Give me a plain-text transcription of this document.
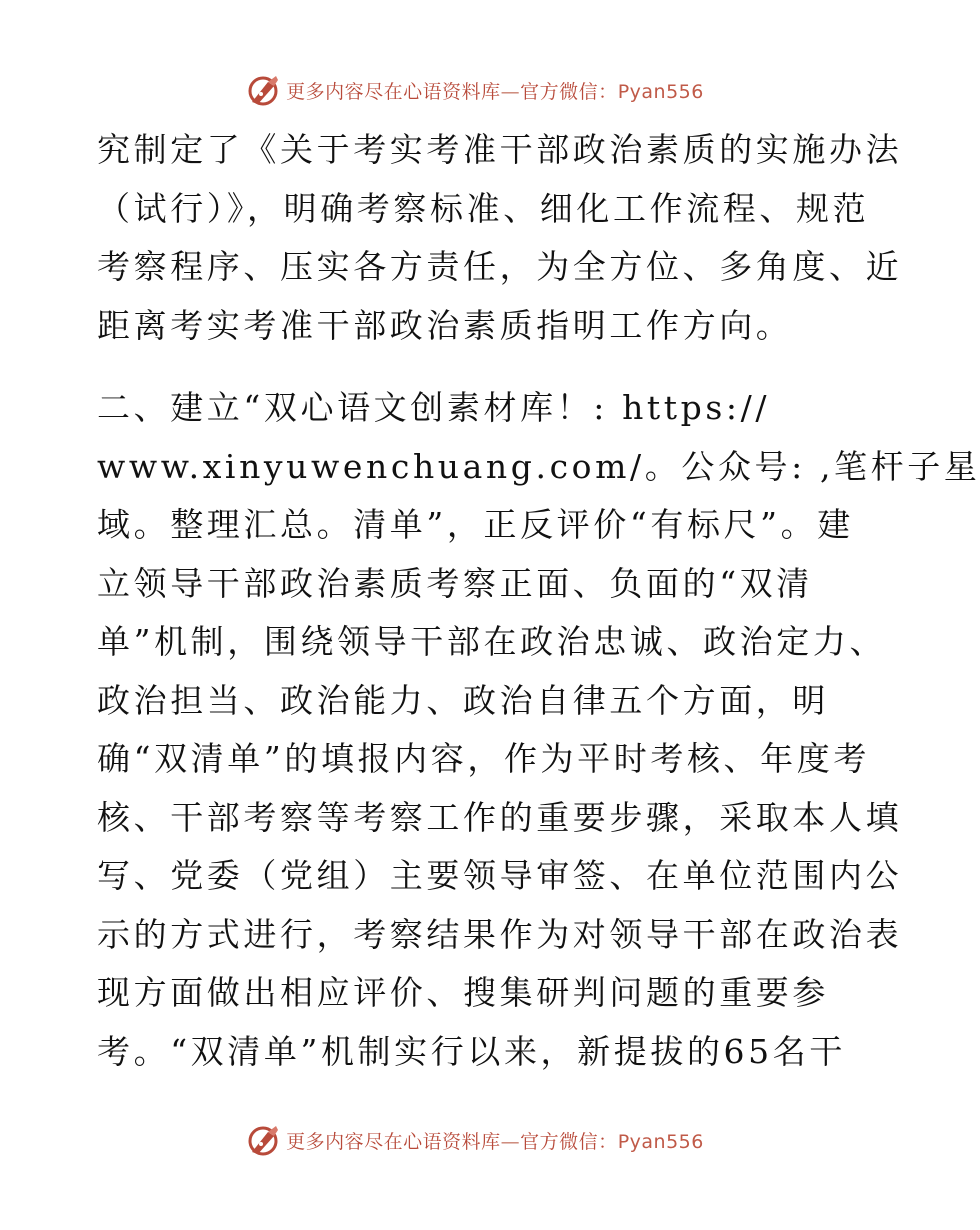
更多内容尽在心语资料库—官方微信：Pyan556
究制定了《关于考实考准干部政治素质的实施办法
（试行）》，明确考察标准、细化工作流程、规范
考察程序、压实各方责任，为全方位、多角度、近
距离考实考准干部政治素质指明工作方向。
二、建立“双心语文创素材库！: https://
www.xinyuwenchuang.com/。公众号: ,笔杆子星
域。整理汇总。清单”，正反评价“有标尺”。建
立领导干部政治素质考察正面、负面的“双清
单”机制，围绕领导干部在政治忠诚、政治定力、
政治担当、政治能力、政治自律五个方面，明
确“双清单”的填报内容，作为平时考核、年度考
核、干部考察等考察工作的重要步骤，采取本人填
写、党委（党组）主要领导审签、在单位范围内公
示的方式进行，考察结果作为对领导干部在政治表
现方面做出相应评价、搜集研判问题的重要参
考。“双清单”机制实行以来，新提拔的65名干
更多内容尽在心语资料库—官方微信：Pyan556
